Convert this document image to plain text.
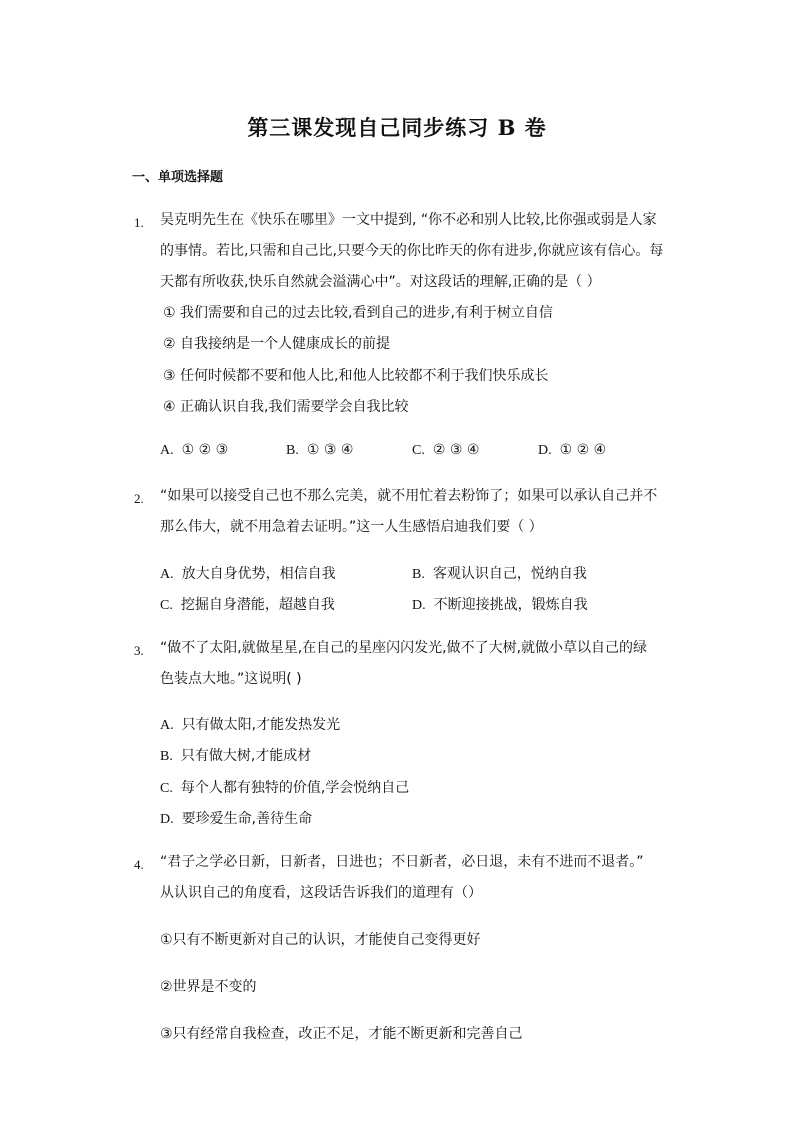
第三课发现自己同步练习 B 卷
一、单项选择题
1. 吴克明先生在《快乐在哪里》一文中提到, “你不必和别人比较,比你强或弱是人家
的事情。若比,只需和自己比,只要今天的你比昨天的你有进步,你就应该有信心。每
天都有所收获,快乐自然就会溢满心中”。对这段话的理解,正确的是（ ）
① 我们需要和自己的过去比较,看到自己的进步,有利于树立自信
② 自我接纳是一个人健康成长的前提
③ 任何时候都不要和他人比,和他人比较都不利于我们快乐成长
④ 正确认识自我,我们需要学会自我比较
A. ① ② ③	B. ① ③ ④	C. ② ③ ④	D. ① ② ④
2. “如果可以接受自己也不那么完美，就不用忙着去粉饰了；如果可以承认自己并不
那么伟大，就不用急着去证明。”这一人生感悟启迪我们要（ ）
A. 放大自身优势，相信自我	B. 客观认识自己，悦纳自我
C. 挖掘自身潜能，超越自我	D. 不断迎接挑战，锻炼自我
3. “做不了太阳,就做星星,在自己的星座闪闪发光,做不了大树,就做小草以自己的绿
色装点大地。”这说明( )
A. 只有做太阳,才能发热发光
B. 只有做大树,才能成材
C. 每个人都有独特的价值,学会悦纳自己
D. 要珍爱生命,善待生命
4. “君子之学必日新，日新者，日进也；不日新者，必日退，未有不进而不退者。”
从认识自己的角度看，这段话告诉我们的道理有（）
①只有不断更新对自己的认识，才能使自己变得更好
②世界是不变的
③只有经常自我检查，改正不足，才能不断更新和完善自己
